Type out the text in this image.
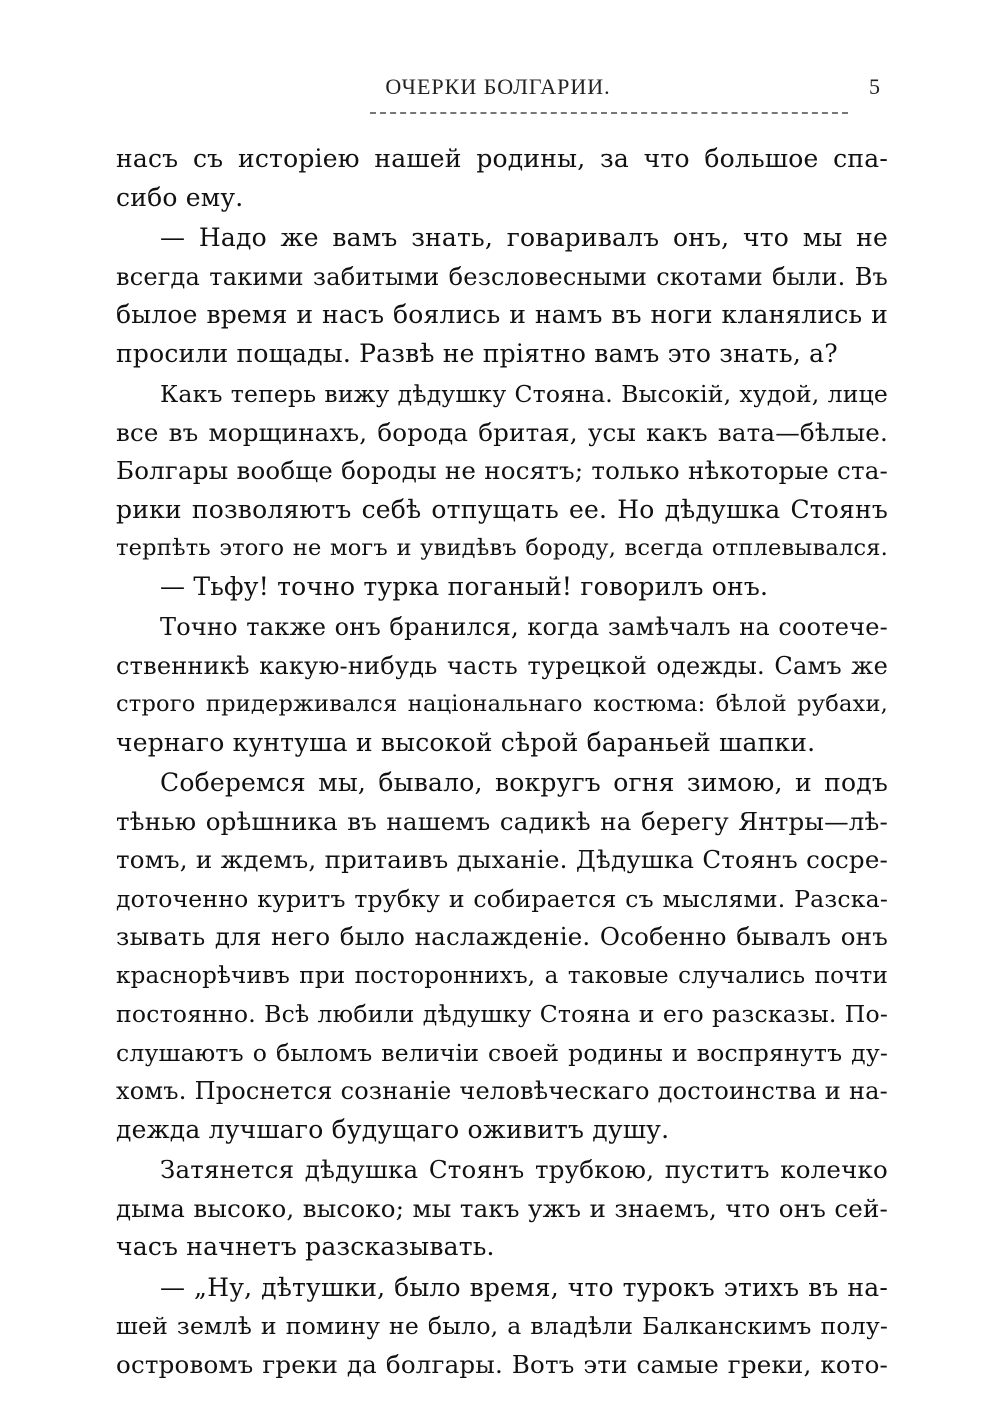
ОЧЕРКИ БОЛГАРИИ.	5
насъ съ исторіею нашей родины, за что большое спа-
сибо ему.
— Надо же вамъ знать, говаривалъ онъ, что мы не
всегда такими забитыми безсловесными скотами были. Въ
былое время и насъ боялись и намъ въ ноги кланялись и
просили пощады. Развѣ не пріятно вамъ это знать, а?
Какъ теперь вижу дѣдушку Стояна. Высокій, худой, лице
все въ морщинахъ, борода бритая, усы какъ вата—бѣлые.
Болгары вообще бороды не носятъ; только нѣкоторые ста-
рики позволяютъ себѣ отпущать ее. Но дѣдушка Стоянъ
терпѣть этого не могъ и увидѣвъ бороду, всегда отплевывался.
— Тьфу! точно турка поганый! говорилъ онъ.
Точно также онъ бранился, когда замѣчалъ на соотече-
ственникѣ какую-нибудь часть турецкой одежды. Самъ же
строго придерживался національнаго костюма: бѣлой рубахи,
чернаго кунтуша и высокой сѣрой бараньей шапки.
Соберемся мы, бывало, вокругъ огня зимою, и подъ
тѣнью орѣшника въ нашемъ садикѣ на берегу Янтры—лѣ-
томъ, и ждемъ, притаивъ дыханіе. Дѣдушка Стоянъ сосре-
доточенно куритъ трубку и собирается съ мыслями. Разска-
зывать для него было наслажденіе. Особенно бывалъ онъ
краснорѣчивъ при постороннихъ, а таковые случались почти
постоянно. Всѣ любили дѣдушку Стояна и его разсказы. По-
слушаютъ о быломъ величіи своей родины и воспрянутъ ду-
хомъ. Проснется сознаніе человѣческаго достоинства и на-
дежда лучшаго будущаго оживитъ душу.
Затянется дѣдушка Стоянъ трубкою, пуститъ колечко
дыма высоко, высоко; мы такъ ужъ и знаемъ, что онъ сей-
часъ начнетъ разсказывать.
— „Ну, дѣтушки, было время, что турокъ этихъ въ на-
шей землѣ и помину не было, а владѣли Балканскимъ полу-
островомъ греки да болгары. Вотъ эти самые греки, кото-
